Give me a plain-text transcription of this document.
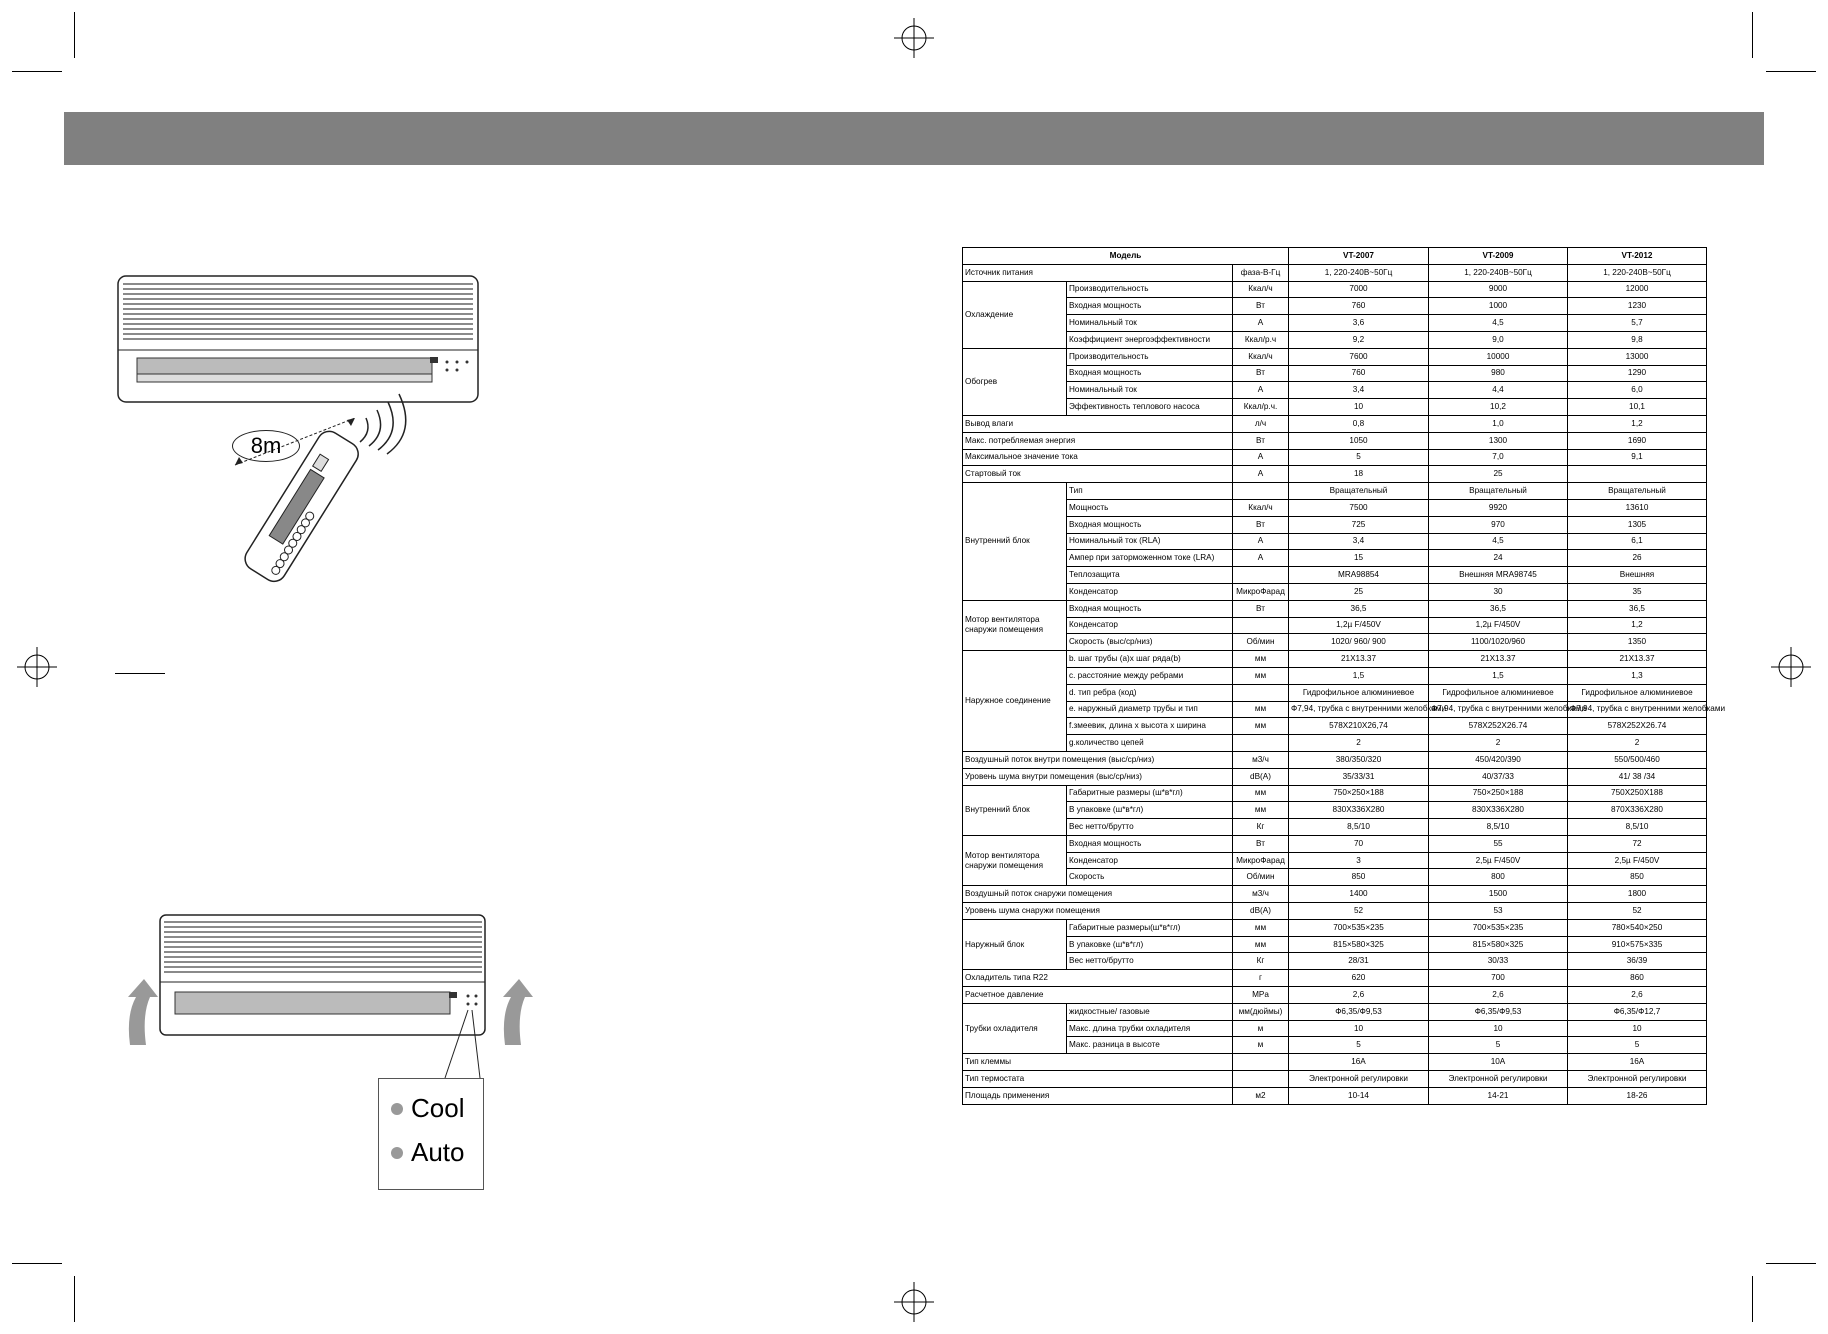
8m
Cool
Auto
Модель			VT-2007	VT-2009	VT-2012
Источник питания		фаза-В-Гц	1, 220-240В~50Гц	1, 220-240В~50Гц	1, 220-240В~50Гц
Охлаждение	Производительность	Ккал/ч	7000	9000	12000
	Входная мощность	Вт	760	1000	1230
	Номинальный ток	А	3,6	4,5	5,7
	Коэффициент энергоэффективности	Ккал/р.ч	9,2	9,0	9,8
Обогрев	Производительность	Ккал/ч	7600	10000	13000
	Входная мощность	Вт	760	980	1290
	Номинальный ток	А	3,4	4,4	6,0
	Эффективность теплового насоса	Ккал/р.ч.	10	10,2	10,1
Вывод влаги		л/ч	0,8	1,0	1,2
Макс. потребляемая энергия		Вт	1050	1300	1690
Максимальное значение тока		А	5	7,0	9,1
Стартовый ток		А	18	25	
Внутренний блок	Тип		Вращательный	Вращательный	Вращательный
	Мощность	Ккал/ч	7500	9920	13610
	Входная мощность	Вт	725	970	1305
	Номинальный ток (RLA)	А	3,4	4,5	6,1
	Ампер при заторможенном токе (LRA)	А	15	24	26
	Теплозащита		MRA98854	Внешняя MRA98745	Внешняя
	Конденсатор	МикроФарад	25	30	35
Мотор вентилятора снаружи помещения	Входная мощность	Вт	36,5	36,5	36,5
	Конденсатор		1,2µ F/450V	1,2µ F/450V	1,2
	Скорость (выс/ср/низ)	Об/мин	1020/ 960/ 900	1100/1020/960	1350
Наружное соединение	b. шаг трубы (a)х шаг ряда(b)	мм	21X13.37	21X13.37	21X13.37
	c. расстояние между ребрами	мм	1,5	1,5	1,3
	d. тип ребра (код)		Гидрофильное алюминиевое	Гидрофильное алюминиевое	Гидрофильное алюминиевое
	e. наружный диаметр трубы и тип	мм	Ф7,94, трубка с внутренними желобками	Ф7,94, трубка с внутренними желобками	Ф7,94, трубка с внутренними желобками
	f.змеевик, длина х высота х ширина	мм	578X210X26,74	578X252X26.74	578X252X26.74
	g.количество цепей		2	2	2
Воздушный поток внутри помещения (выс/ср/низ)		м3/ч	380/350/320	450/420/390	550/500/460
Уровень шума внутри помещения (выс/ср/низ)		dB(A)	35/33/31	40/37/33	41/ 38 /34
Внутренний блок	Габаритные размеры (ш*в*гл)	мм	750×250×188	750×250×188	750X250X188
	В упаковке (ш*в*гл)	мм	830X336X280	830X336X280	870X336X280
	Вес нетто/брутто	Кг	8,5/10	8,5/10	8,5/10
Мотор вентилятора снаружи помещения	Входная мощность	Вт	70	55	72
	Конденсатор	МикроФарад	3	2,5µ F/450V	2,5µ F/450V
	Скорость	Об/мин	850	800	850
Воздушный поток снаружи помещения		м3/ч	1400	1500	1800
Уровень шума снаружи помещения		dB(A)	52	53	52
Наружный блок	Габаритные размеры(ш*в*гл)	мм	700×535×235	700×535×235	780×540×250
	В упаковке (ш*в*гл)	мм	815×580×325	815×580×325	910×575×335
	Вес нетто/брутто	Кг	28/31	30/33	36/39
Охладитель типа R22		г	620	700	860
Расчетное давление		MPa	2,6	2,6	2,6
Трубки охладителя	жидкостные/ газовые	мм(дюймы)	Ф6,35/Ф9,53	Ф6,35/Ф9,53	Ф6,35/Ф12,7
	Макс. длина трубки охладителя	м	10	10	10
	Макс. разница в высоте	м	5	5	5
Тип клеммы			16A	10A	16A
Тип термостата			Электронной регулировки	Электронной регулировки	Электронной регулировки
Площадь применения		м2	10-14	14-21	18-26
